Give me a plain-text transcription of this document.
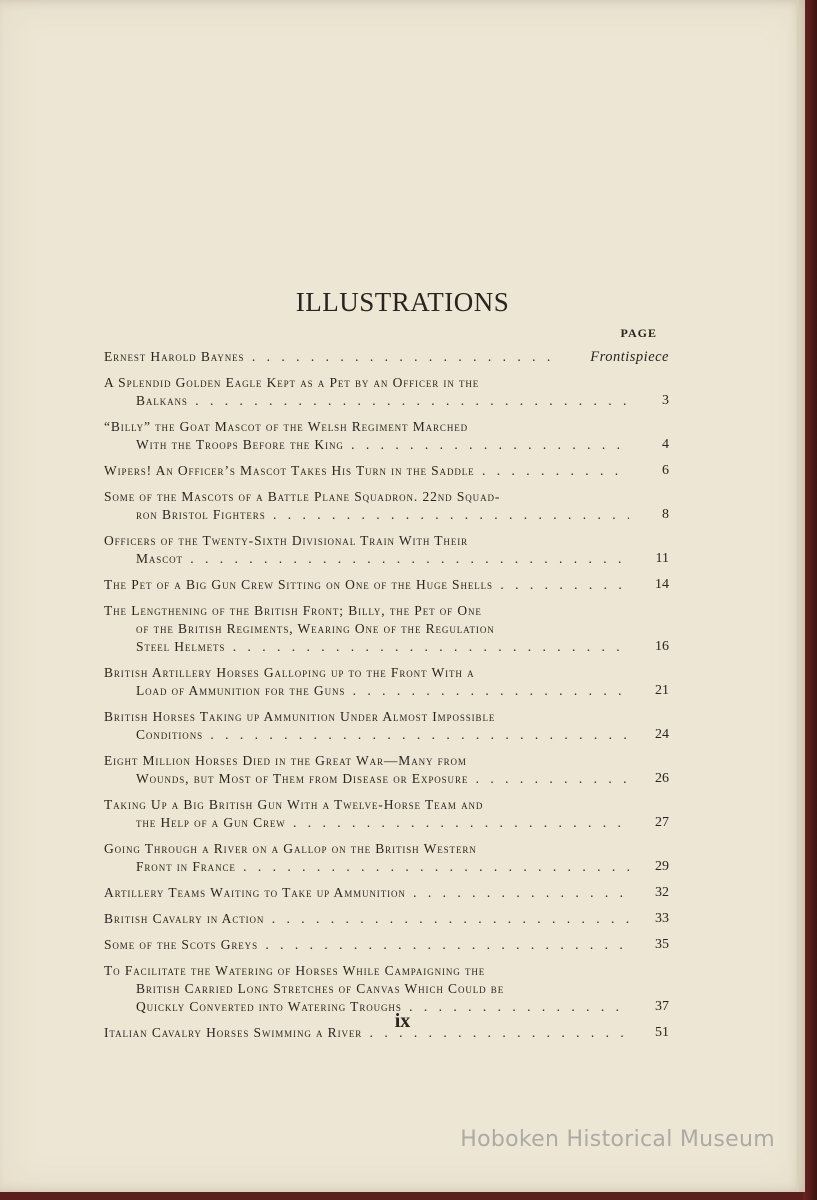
ILLUSTRATIONS
PAGE
Ernest Harold Baynes . . .	Frontispiece
A Splendid Golden Eagle Kept as a Pet by an Officer in the
Balkans . . .	3
“Billy” the Goat Mascot of the Welsh Regiment Marched
With the Troops Before the King . . .	4
Wipers! An Officer’s Mascot Takes His Turn in the Saddle . . .	6
Some of the Mascots of a Battle Plane Squadron. 22nd Squad-
ron Bristol Fighters . . .	8
Officers of the Twenty-Sixth Divisional Train With Their
Mascot . . .	11
The Pet of a Big Gun Crew Sitting on One of the Huge Shells . . .	14
The Lengthening of the British Front; Billy, the Pet of One
of the British Regiments, Wearing One of the Regulation
Steel Helmets . . .	16
British Artillery Horses Galloping up to the Front With a
Load of Ammunition for the Guns . . .	21
British Horses Taking up Ammunition Under Almost Impossible
Conditions . . .	24
Eight Million Horses Died in the Great War—Many from
Wounds, but Most of Them from Disease or Exposure . . .	26
Taking Up a Big British Gun With a Twelve-Horse Team and
the Help of a Gun Crew . . .	27
Going Through a River on a Gallop on the British Western
Front in France . . .	29
Artillery Teams Waiting to Take up Ammunition . . .	32
British Cavalry in Action . . .	33
Some of the Scots Greys . . .	35
To Facilitate the Watering of Horses While Campaigning the
British Carried Long Stretches of Canvas Which Could be
Quickly Converted into Watering Troughs . . .	37
Italian Cavalry Horses Swimming a River . . .	51
ix
Hoboken Historical Museum
